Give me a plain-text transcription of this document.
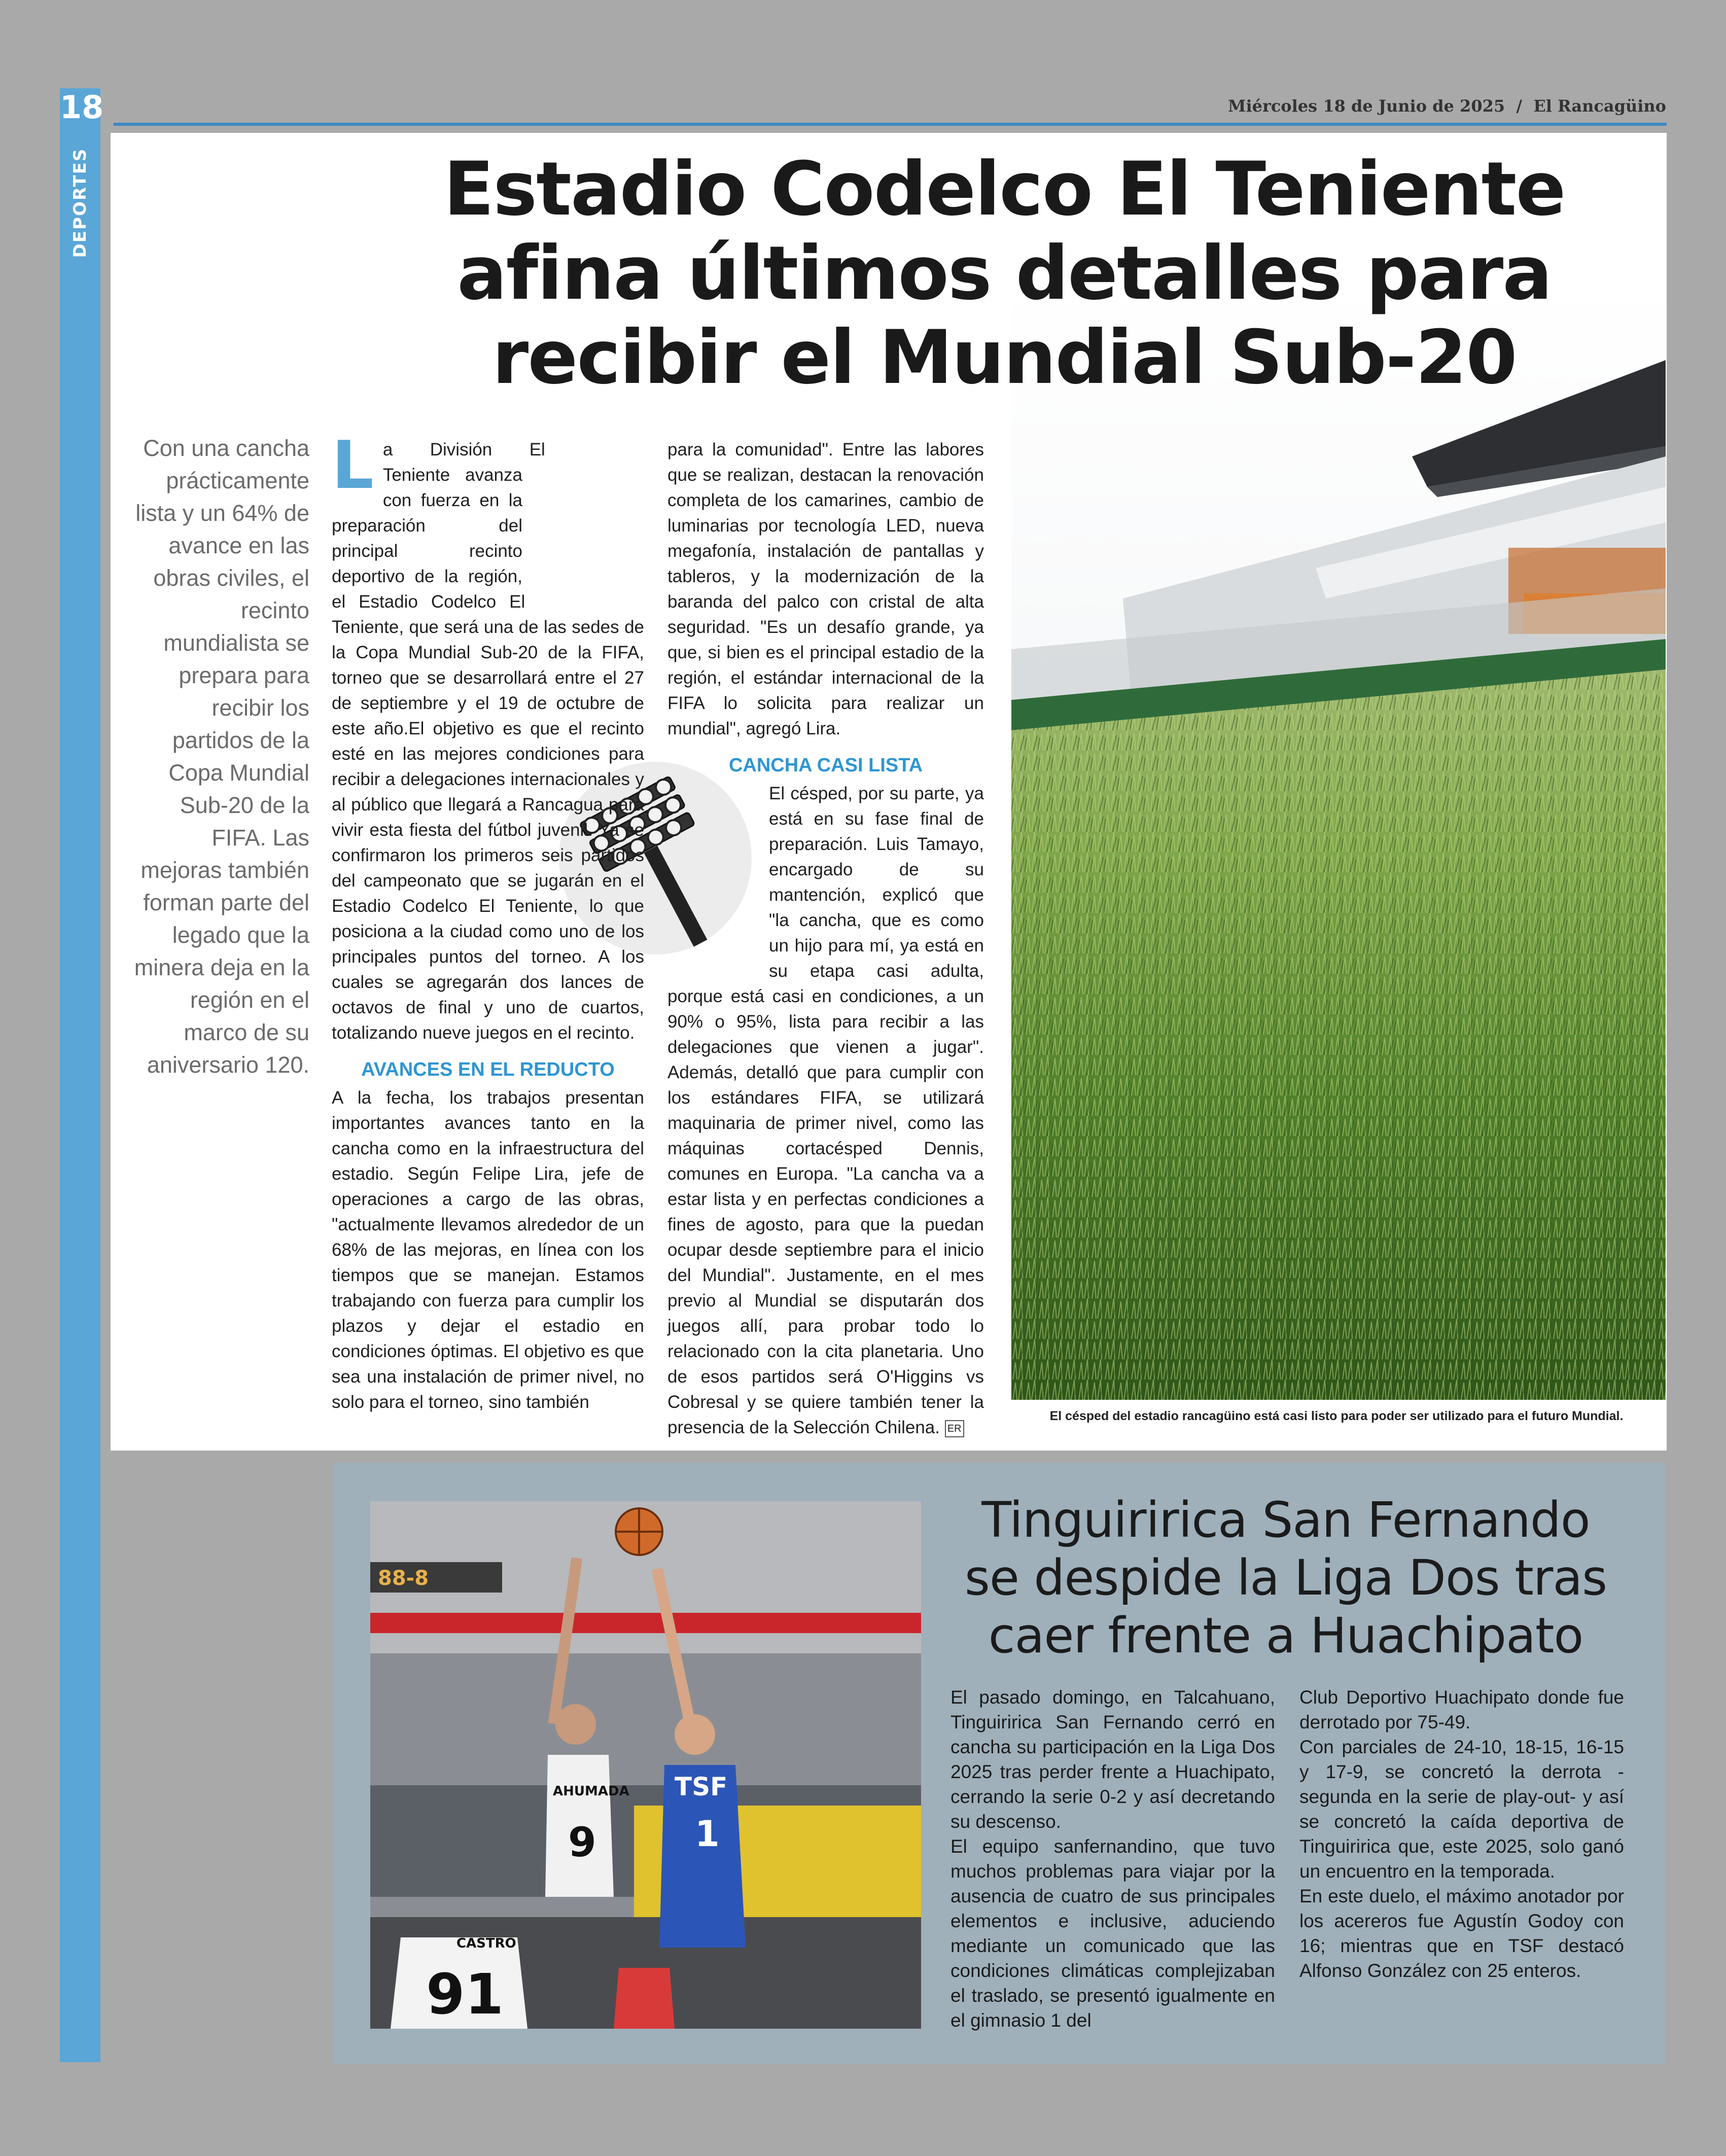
18
DEPORTES
Miércoles 18 de Junio de 2025 / El Rancagüino
El césped del estadio rancagüino está casi listo para poder ser utilizado para el futuro Mundial.
Estadio Codelco El Teniente
afina últimos detalles para
recibir el Mundial Sub-20
Con una cancha prácticamente lista y un 64% de avance en las obras civiles, el recinto mundialista se prepara para recibir los partidos de la Copa Mundial Sub-20 de la FIFA. Las mejoras también forman parte del legado que la minera deja en la región en el marco de su aniversario 120.
L a División El Teniente avanza con fuerza en la preparación del principal recinto deportivo de la región, el Estadio Codelco El Teniente, que será una de las sedes de la Copa Mundial Sub-20 de la FIFA, torneo que se desarrollará entre el 27 de septiembre y el 19 de octubre de este año.El objetivo es que el recinto esté en las mejores condiciones para recibir a delegaciones internacionales y al público que llegará a Rancagua para vivir esta fiesta del fútbol juvenil. Ya se confirmaron los primeros seis partidos del campeonato que se jugarán en el Estadio Codelco El Teniente, lo que posiciona a la ciudad como uno de los principales puntos del torneo. A los cuales se agregarán dos lances de octavos de final y uno de cuartos, totalizando nueve juegos en el recinto.

AVANCES EN EL REDUCTO

A la fecha, los trabajos presentan importantes avances tanto en la cancha como en la infraestructura del estadio. Según Felipe Lira, jefe de operaciones a cargo de las obras, "actualmente llevamos alrededor de un 68% de las mejoras, en línea con los tiempos que se manejan. Estamos trabajando con fuerza para cumplir los plazos y dejar el estadio en condiciones óptimas. El objetivo es que sea una instalación de primer nivel, no solo para el torneo, sino también

para la comunidad". Entre las labores que se realizan, destacan la renovación completa de los camarines, cambio de luminarias por tecnología LED, nueva megafonía, instalación de pantallas y tableros, y la modernización de la baranda del palco con cristal de alta seguridad. "Es un desafío grande, ya que, si bien es el principal estadio de la región, el estándar internacional de la FIFA lo solicita para realizar un mundial", agregó Lira.

CANCHA CASI LISTA

El césped, por su parte, ya está en su fase final de preparación. Luis Tamayo, encargado de su mantención, explicó que "la cancha, que es como un hijo para mí, ya está en su etapa casi adulta, porque está casi en condiciones, a un 90% o 95%, lista para recibir a las delegaciones que vienen a jugar". Además, detalló que para cumplir con los estándares FIFA, se utilizará maquinaria de primer nivel, como las máquinas cortacésped Dennis, comunes en Europa. "La cancha va a estar lista y en perfectas condiciones a fines de agosto, para que la puedan ocupar desde septiembre para el inicio del Mundial". Justamente, en el mes previo al Mundial se disputarán dos juegos allí, para probar todo lo relacionado con la cita planetaria. Uno de esos partidos será O'Higgins vs Cobresal y se quiere también tener la presencia de la Selección Chilena. ER

88-8
9
AHUMADA TSF
1
CASTRO
91
Tinguiririca San Fernando
se despide la Liga Dos tras
caer frente a Huachipato

El pasado domingo, en Talcahuano, Tinguiririca San Fernando cerró en cancha su participación en la Liga Dos 2025 tras perder frente a Huachipato, cerrando la serie 0-2 y así decretando su descenso.

El equipo sanfernandino, que tuvo muchos problemas para viajar por la ausencia de cuatro de sus principales elementos e inclusive, aduciendo mediante un comunicado que las condiciones climáticas complejizaban el traslado, se presentó igualmente en el gimnasio 1 del

Club Deportivo Huachipato donde fue derrotado por 75-49.

Con parciales de 24-10, 18-15, 16-15 y 17-9, se concretó la derrota -segunda en la serie de play-out- y así se concretó la caída deportiva de Tinguiririca que, este 2025, solo ganó un encuentro en la temporada.

En este duelo, el máximo anotador por los acereros fue Agustín Godoy con 16; mientras que en TSF destacó Alfonso González con 25 enteros.
